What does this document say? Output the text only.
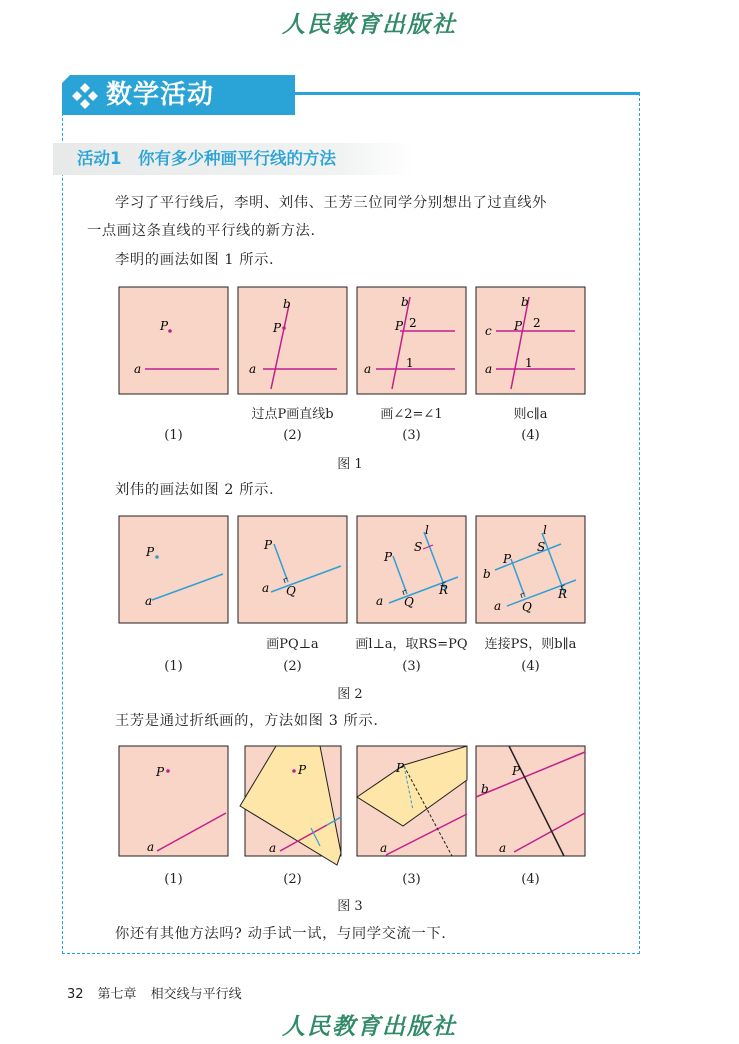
人民教育出版社
数学活动
活动1　你有多少种画平行线的方法
学习了平行线后，李明、刘伟、王芳三位同学分别想出了过直线外
一点画这条直线的平行线的新方法.
李明的画法如图 1 所示.
P
a
b
P
a
b
P 2
1
a
b
P 2
1
c
a
P
a
P
a Q
l
S
P
a Q
R
l
S
P
b
a Q
R
P
a
P
a
P
a
P
b
a
过点P画直线b	画∠2=∠1	则c∥a
(1)	(2)	(3)	(4)
图 1
刘伟的画法如图 2 所示.
画PQ⊥a	画l⊥a，取RS=PQ	连接PS，则b∥a
(1)	(2)	(3)	(4)
图 2
王芳是通过折纸画的，方法如图 3 所示.
(1)	(2)	(3)	(4)
图 3
你还有其他方法吗? 动手试一试，与同学交流一下.
32 第七章 相交线与平行线
人民教育出版社
